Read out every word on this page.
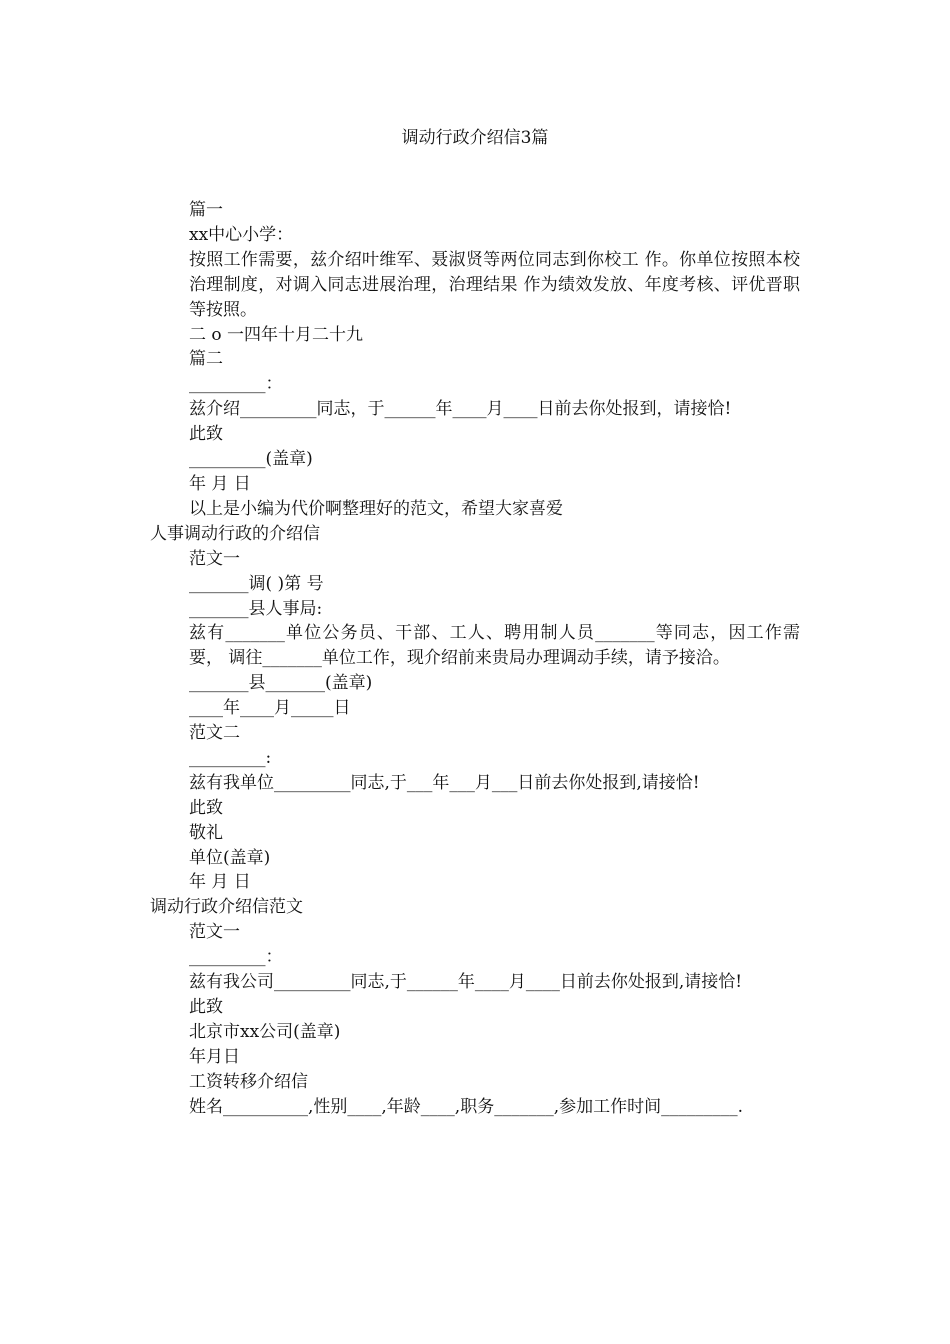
调动行政介绍信3篇

篇一

xx中心小学：

按照工作需要，兹介绍叶维军、聂淑贤等两位同志到你校工 作。你单位按照本校治理制度，对调入同志进展治理，治理结果 作为绩效发放、年度考核、评优晋职等按照。

二 o 一四年十月二十九

篇二

_________：

兹介绍_________同志，于______年____月____日前去你处报到，请接恰!

此致

_________(盖章)

年 月 日

以上是小编为代价啊整理好的范文，希望大家喜爱

人事调动行政的介绍信

范文一

_______调( )第 号

_______县人事局:

兹有_______单位公务员、干部、工人、聘用制人员_______等同志，因工作需要， 调往_______单位工作，现介绍前来贵局办理调动手续，请予接洽。

_______县_______(盖章)

____年____月_____日

范文二

_________:

兹有我单位_________同志,于___年___月___日前去你处报到,请接恰!

此致

敬礼

单位(盖章)

年 月 日

调动行政介绍信范文

范文一

_________：

兹有我公司_________同志,于______年____月____日前去你处报到,请接恰!

此致

北京市xx公司(盖章)

年月日

工资转移介绍信

姓名__________,性别____,年龄____,职务_______,参加工作时间_________.
